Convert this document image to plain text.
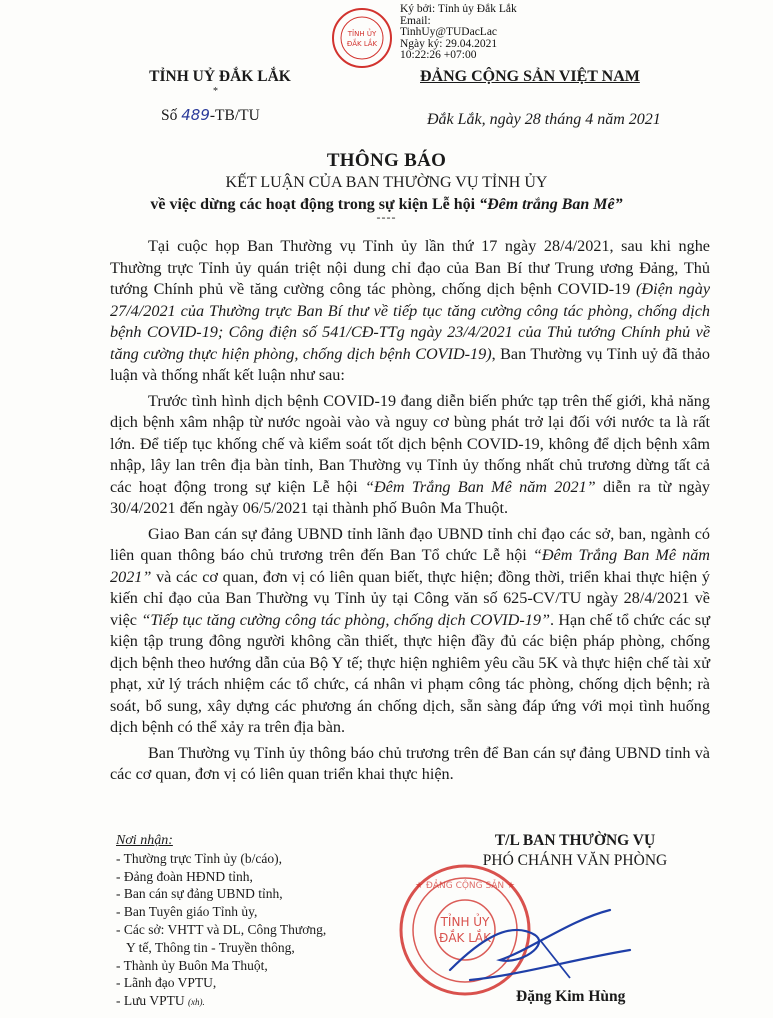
TỈNH ỦY
ĐẮK LẮK
Ký bởi: Tỉnh ủy Đắk Lắk
Email:
TinhUy@TUDacLac
Ngày ký: 29.04.2021
10:22:26 +07:00
TỈNH UỶ ĐẮK LẮK
*
ĐẢNG CỘNG SẢN VIỆT NAM
Số 489-TB/TU	Đắk Lắk, ngày 28 tháng 4 năm 2021
THÔNG BÁO
KẾT LUẬN CỦA BAN THƯỜNG VỤ TỈNH ỦY
về việc dừng các hoạt động trong sự kiện Lễ hội “Đêm trắng Ban Mê”
----

Tại cuộc họp Ban Thường vụ Tỉnh ủy lần thứ 17 ngày 28/4/2021, sau khi nghe Thường trực Tỉnh ủy quán triệt nội dung chỉ đạo của Ban Bí thư Trung ương Đảng, Thủ tướng Chính phủ về tăng cường công tác phòng, chống dịch bệnh COVID-19 (Điện ngày 27/4/2021 của Thường trực Ban Bí thư về tiếp tục tăng cường công tác phòng, chống dịch bệnh COVID-19; Công điện số 541/CĐ-TTg ngày 23/4/2021 của Thủ tướng Chính phủ về tăng cường thực hiện phòng, chống dịch bệnh COVID-19), Ban Thường vụ Tỉnh uỷ đã thảo luận và thống nhất kết luận như sau:

Trước tình hình dịch bệnh COVID-19 đang diễn biến phức tạp trên thế giới, khả năng dịch bệnh xâm nhập từ nước ngoài vào và nguy cơ bùng phát trở lại đối với nước ta là rất lớn. Để tiếp tục khống chế và kiểm soát tốt dịch bệnh COVID-19, không để dịch bệnh xâm nhập, lây lan trên địa bàn tỉnh, Ban Thường vụ Tỉnh ủy thống nhất chủ trương dừng tất cả các hoạt động trong sự kiện Lễ hội “Đêm Trắng Ban Mê năm 2021” diễn ra từ ngày 30/4/2021 đến ngày 06/5/2021 tại thành phố Buôn Ma Thuột.

Giao Ban cán sự đảng UBND tỉnh lãnh đạo UBND tỉnh chỉ đạo các sở, ban, ngành có liên quan thông báo chủ trương trên đến Ban Tổ chức Lễ hội “Đêm Trắng Ban Mê năm 2021” và các cơ quan, đơn vị có liên quan biết, thực hiện; đồng thời, triển khai thực hiện ý kiến chỉ đạo của Ban Thường vụ Tỉnh ủy tại Công văn số 625-CV/TU ngày 28/4/2021 về việc “Tiếp tục tăng cường công tác phòng, chống dịch COVID-19”. Hạn chế tổ chức các sự kiện tập trung đông người không cần thiết, thực hiện đầy đủ các biện pháp phòng, chống dịch bệnh theo hướng dẫn của Bộ Y tế; thực hiện nghiêm yêu cầu 5K và thực hiện chế tài xử phạt, xử lý trách nhiệm các tổ chức, cá nhân vi phạm công tác phòng, chống dịch bệnh; rà soát, bổ sung, xây dựng các phương án chống dịch, sẵn sàng đáp ứng với mọi tình huống dịch bệnh có thể xảy ra trên địa bàn.

Ban Thường vụ Tỉnh ủy thông báo chủ trương trên để Ban cán sự đảng UBND tỉnh và các cơ quan, đơn vị có liên quan triển khai thực hiện.

Nơi nhận:
- Thường trực Tỉnh ủy (b/cáo),
- Đảng đoàn HĐND tỉnh,
- Ban cán sự đảng UBND tỉnh,
- Ban Tuyên giáo Tỉnh ủy,
- Các sở: VHTT và DL, Công Thương,
Y tế, Thông tin - Truyền thông,
- Thành ủy Buôn Ma Thuột,
- Lãnh đạo VPTU,
- Lưu VPTU (xh).
TỈNH ỦY
ĐẮK LẮK
★ ĐẢNG CỘNG SẢN ★
T/L BAN THƯỜNG VỤ
PHÓ CHÁNH VĂN PHÒNG
Đặng Kim Hùng
